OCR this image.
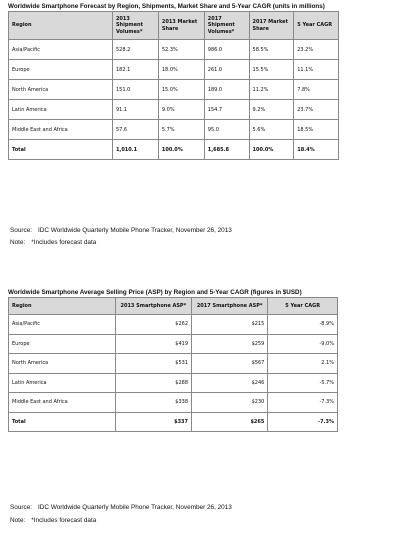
Worldwide Smartphone Forecast by Region, Shipments, Market Share and 5-Year CAGR (units in millions)

Region	2013 Shipment Volumes*	2013 Market Share	2017 Shipment Volumes*	2017 Market Share	5 Year CAGR
Asia/Pacific	528.2	52.3%	986.0	58.5%	23.2%
Europe	182.1	18.0%	261.0	15.5%	11.1%
North America	151.0	15.0%	189.0	11.2%	7.8%
Latin America	91.1	9.0%	154.7	9.2%	23.7%
Middle East and Africa	57.6	5.7%	95.0	5.6%	18.5%
Total	1,010.1	100.0%	1,685.8	100.0%	18.4%
Source: IDC Worldwide Quarterly Mobile Phone Tracker, November 26, 2013
Note: *Includes forecast data

Worldwide Smartphone Average Selling Price (ASP) by Region and 5-Year CAGR (figures in $USD)

Region	2013 Smartphone ASP*	2017 Smartphone ASP*	5 Year CAGR
Asia/Pacific	$262	$215	-8.9%
Europe	$419	$259	-9.0%
North America	$531	$567	2.1%
Latin America	$288	$246	-5.7%
Middle East and Africa	$338	$230	-7.3%
Total	$337	$265	-7.3%
Source: IDC Worldwide Quarterly Mobile Phone Tracker, November 26, 2013
Note: *Includes forecast data
